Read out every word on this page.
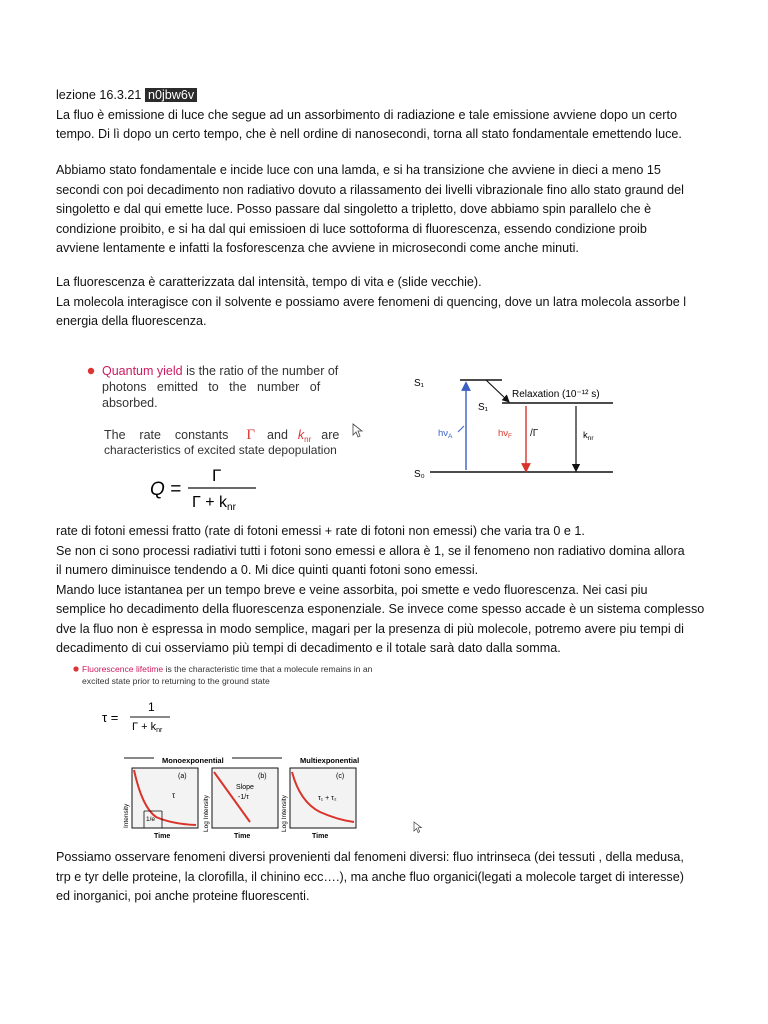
lezione 16.3.21 n0jbw6v
La fluo è emissione di luce che segue ad un assorbimento di radiazione e tale emissione avviene dopo un certo
tempo. Di lì dopo un certo tempo, che è nell ordine di nanosecondi, torna all stato fondamentale emettendo luce.
Abbiamo stato fondamentale e incide luce con una lamda, e si ha transizione che avviene in dieci a meno 15
secondi con poi decadimento non radiativo dovuto a rilassamento dei livelli vibrazionale fino allo stato graund del
singoletto e dal qui emette luce. Posso passare dal singoletto a tripletto, dove abbiamo spin parallelo che è
condizione proibito, e si ha dal qui emissioen di luce sottoforma di fluorescenza, essendo condizione proib
avviene lentamente e infatti la fosforescenza che avviene in microsecondi come anche minuti.
La fluorescenza è caratterizzata dal intensità, tempo di vita e (slide vecchie).
La molecola interagisce con il solvente e possiamo avere fenomeni di quencing, dove un latra molecola assorbe l
energia della fluorescenza.
Quantum yield is the ratio of the number of
photons   emitted   to   the   number   of
absorbed.
The    rate    constants Γ and $k_{nr}$ are
characteristics of excited state depopulation
Q =
Γ
Γ + knr
S₁
S₁
S₀
Relaxation (10⁻¹² s)
$h\nu_A$	$h\nu_F$ /Γ	$k_{nr}$
rate di fotoni emessi fratto (rate di fotoni emessi + rate di fotoni non emessi) che varia tra 0 e 1.
Se non ci sono processi radiativi tutti i fotoni sono emessi e allora è 1, se il fenomeno non radiativo domina allora
il numero diminuisce tendendo a 0. Mi dice quinti quanti fotoni sono emessi.
Mando luce istantanea per un tempo breve e veine assorbita, poi smette e vedo fluorescenza. Nei casi piu
semplice ho decadimento della fluorescenza esponenziale. Se invece come spesso accade è un sistema complesso
dve la fluo non è espressa in modo semplice, magari per la presenza di più molecole, potremo avere piu tempi di
decadimento di cui osserviamo più tempi di decadimento e il totale sarà dato dalla somma.
Fluorescence lifetime is the characteristic time that a molecule remains in an
excited state prior to returning to the ground state
τ =
1
Γ + knr
Monoexponential	Multiexponential
1/e
τ
(a)
Intensity
Time
(b)
Slope
-1/τ
Log Intensity
Time
(c)
τ₁ + τ₂
Log Intensity
Time
Possiamo osservare fenomeni diversi provenienti dal fenomeni diversi: fluo intrinseca (dei tessuti , della medusa,
trp e tyr delle proteine, la clorofilla, il chinino ecc….), ma anche fluo organici(legati a molecole target di interesse)
ed inorganici, poi anche proteine fluorescenti.
